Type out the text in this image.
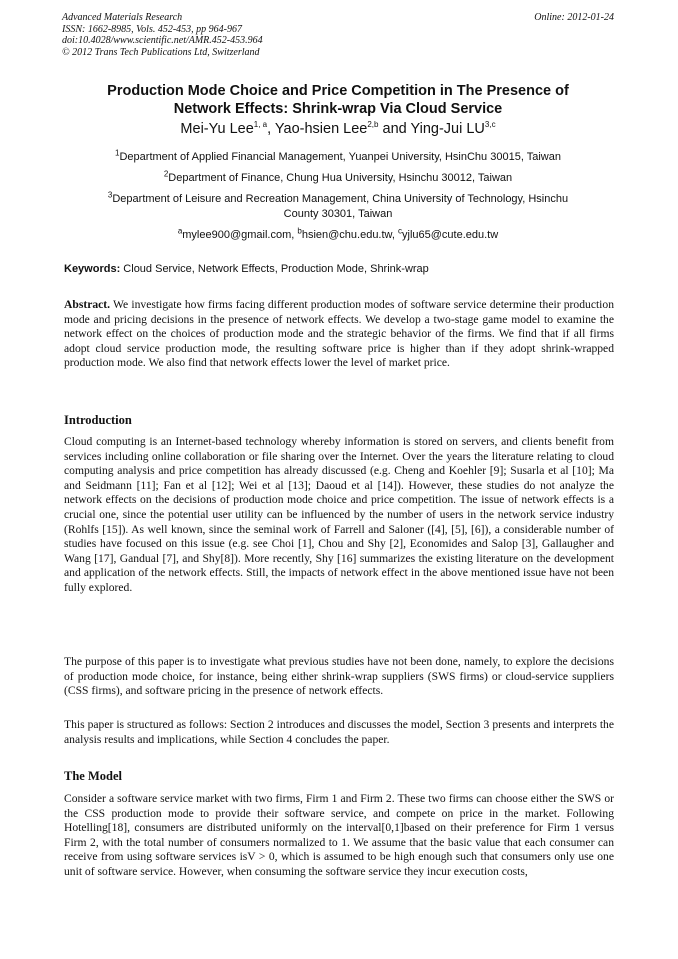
Advanced Materials Research
ISSN: 1662-8985, Vols. 452-453, pp 964-967
doi:10.4028/www.scientific.net/AMR.452-453.964
© 2012 Trans Tech Publications Ltd, Switzerland
Online: 2012-01-24
Production Mode Choice and Price Competition in The Presence of
Network Effects: Shrink-wrap Via Cloud Service
Mei-Yu Lee$^{1, a}$, Yao-hsien Lee$^{2,b}$ and Ying-Jui LU$^{3,c}$
$^1$Department of Applied Financial Management, Yuanpei University, HsinChu 30015, Taiwan
$^2$Department of Finance, Chung Hua University, Hsinchu 30012, Taiwan
$^3$Department of Leisure and Recreation Management, China University of Technology, Hsinchu
County 30301, Taiwan
$^a$mylee900@gmail.com, $^b$hsien@chu.edu.tw, $^c$yjlu65@cute.edu.tw
Keywords: Cloud Service, Network Effects, Production Mode, Shrink-wrap
Abstract. We investigate how firms facing different production modes of software service determine their production mode and pricing decisions in the presence of network effects. We develop a two-stage game model to examine the network effect on the choices of production mode and the strategic behavior of the firms. We find that if all firms adopt cloud service production mode, the resulting software price is higher than if they adopt shrink-wrapped production mode. We also find that network effects lower the level of market price.
Introduction
Cloud computing is an Internet-based technology whereby information is stored on servers, and clients benefit from services including online collaboration or file sharing over the Internet. Over the years the literature relating to cloud computing analysis and price competition has already discussed (e.g. Cheng and Koehler [9]; Susarla et al [10]; Ma and Seidmann [11]; Fan et al [12]; Wei et al [13]; Daoud et al [14]). However, these studies do not analyze the network effects on the decisions of production mode choice and price competition. The issue of network effects is a crucial one, since the potential user utility can be influenced by the number of users in the network service industry (Rohlfs [15]). As well known, since the seminal work of Farrell and Saloner ([4], [5], [6]), a considerable number of studies have focused on this issue (e.g. see Choi [1], Chou and Shy [2], Economides and Salop [3], Gallaugher and Wang [17], Gandual [7], and Shy[8]). More recently, Shy [16] summarizes the existing literature on the development and application of the network effects. Still, the impacts of network effect in the above mentioned issue have not been fully explored.
The purpose of this paper is to investigate what previous studies have not been done, namely, to explore the decisions of production mode choice, for instance, being either shrink-wrap suppliers (SWS firms) or cloud-service suppliers (CSS firms), and software pricing in the presence of network effects.
This paper is structured as follows: Section 2 introduces and discusses the model, Section 3 presents and interprets the analysis results and implications, while Section 4 concludes the paper.
The Model
Consider a software service market with two firms, Firm 1 and Firm 2. These two firms can choose either the SWS or the CSS production mode to provide their software service, and compete on price in the market. Following Hotelling[18], consumers are distributed uniformly on the interval[0,1]based on their preference for Firm 1 versus Firm 2, with the total number of consumers normalized to 1. We assume that the basic value that each consumer can receive from using software services isV > 0, which is assumed to be high enough such that consumers only use one unit of software service. However, when consuming the software service they incur execution costs,
